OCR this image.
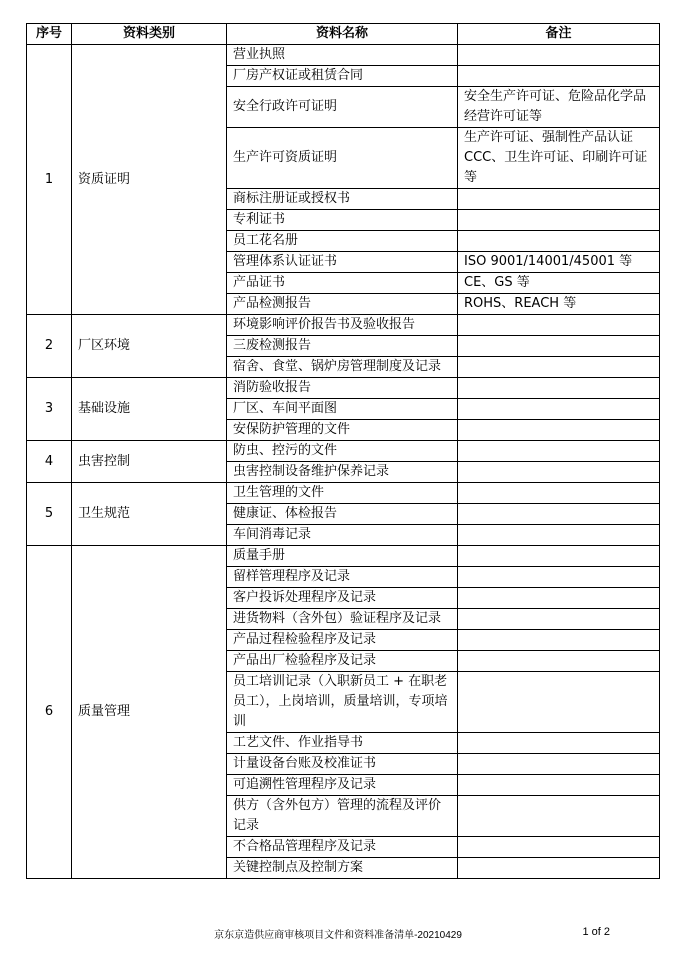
序号	资料类别	资料名称	备注
1	资质证明	营业执照	
		厂房产权证或租赁合同	
		安全行政许可证明	安全生产许可证、危险品化学品经营许可证等
		生产许可资质证明	生产许可证、强制性产品认证 CCC、卫生许可证、印刷许可证等
		商标注册证或授权书	
		专利证书	
		员工花名册	
		管理体系认证证书	ISO 9001/14001/45001 等
		产品证书	CE、GS 等
		产品检测报告	ROHS、REACH 等
2	厂区环境	环境影响评价报告书及验收报告	
		三废检测报告	
		宿舍、食堂、锅炉房管理制度及记录	
3	基础设施	消防验收报告	
		厂区、车间平面图	
		安保防护管理的文件	
4	虫害控制	防虫、控污的文件	
		虫害控制设备维护保养记录	
5	卫生规范	卫生管理的文件	
		健康证、体检报告	
		车间消毒记录	
6	质量管理	质量手册	
		留样管理程序及记录	
		客户投诉处理程序及记录	
		进货物料（含外包）验证程序及记录	
		产品过程检验程序及记录	
		产品出厂检验程序及记录	
		员工培训记录（入职新员工 + 在职老员工），上岗培训，质量培训，专项培训	
		工艺文件、作业指导书	
		计量设备台账及校准证书	
		可追溯性管理程序及记录	
		供方（含外包方）管理的流程及评价记录	
		不合格品管理程序及记录	
		关键控制点及控制方案	
京东京造供应商审核项目文件和资料准备清单-20210429	1 of 2
